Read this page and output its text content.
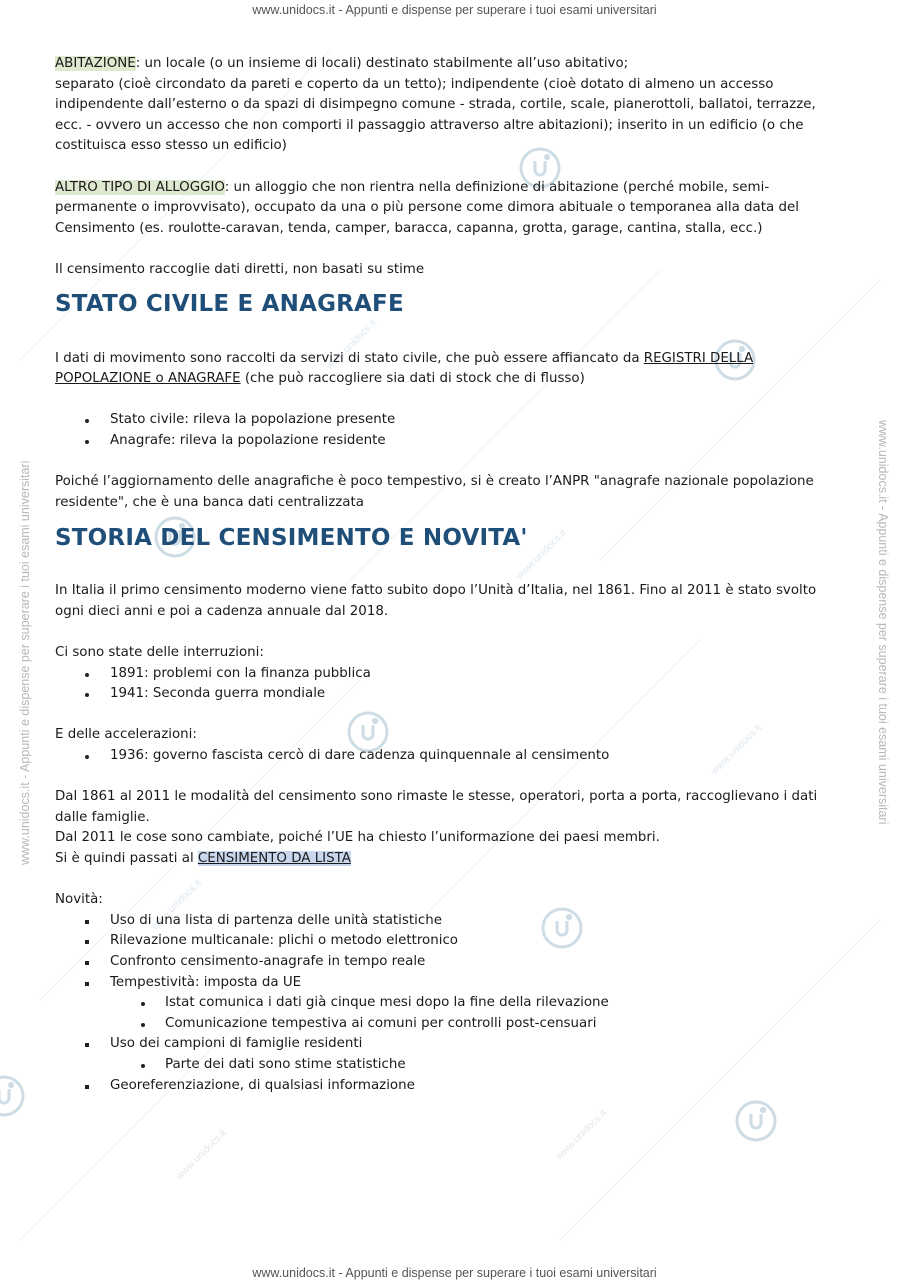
www.unidocs.it - Appunti e dispense per superare i tuoi esami universitari
www.unidocs.it - Appunti e dispense per superare i tuoi esami universitari	www.unidocs.it - Appunti e dispense per superare i tuoi esami universitari
www.unidocs.it
www.unidocs.it
www.unidocs.it
www.unidocs.it
www.unidocs.it	www.unidocs.it

ABITAZIONE: un locale (o un insieme di locali) destinato stabilmente all’uso abitativo;

separato (cioè circondato da pareti e coperto da un tetto); indipendente (cioè dotato di almeno un accesso

indipendente dall’esterno o da spazi di disimpegno comune - strada, cortile, scale, pianerottoli, ballatoi, terrazze,

ecc. - ovvero un accesso che non comporti il passaggio attraverso altre abitazioni); inserito in un edificio (o che

costituisca esso stesso un edificio)

ALTRO TIPO DI ALLOGGIO: un alloggio che non rientra nella definizione di abitazione (perché mobile, semi-

permanente o improvvisato), occupato da una o più persone come dimora abituale o temporanea alla data del

Censimento (es. roulotte-caravan, tenda, camper, baracca, capanna, grotta, garage, cantina, stalla, ecc.)

Il censimento raccoglie dati diretti, non basati su stime

STATO CIVILE E ANAGRAFE

I dati di movimento sono raccolti da servizi di stato civile, che può essere affiancato da REGISTRI DELLA

POPOLAZIONE o ANAGRAFE (che può raccogliere sia dati di stock che di flusso)

Stato civile: rileva la popolazione presente
Anagrafe: rileva la popolazione residente

Poiché l’aggiornamento delle anagrafiche è poco tempestivo, si è creato l’ANPR "anagrafe nazionale popolazione

residente", che è una banca dati centralizzata

STORIA DEL CENSIMENTO E NOVITA'

In Italia il primo censimento moderno viene fatto subito dopo l’Unità d’Italia, nel 1861. Fino al 2011 è stato svolto

ogni dieci anni e poi a cadenza annuale dal 2018.

Ci sono state delle interruzioni:

1891: problemi con la finanza pubblica
1941: Seconda guerra mondiale

E delle accelerazioni:

1936: governo fascista cercò di dare cadenza quinquennale al censimento

Dal 1861 al 2011 le modalità del censimento sono rimaste le stesse, operatori, porta a porta, raccoglievano i dati

dalle famiglie.

Dal 2011 le cose sono cambiate, poiché l’UE ha chiesto l’uniformazione dei paesi membri.

Si è quindi passati al CENSIMENTO DA LISTA

Novità:

Uso di una lista di partenza delle unità statistiche
Rilevazione multicanale: plichi o metodo elettronico
Confronto censimento-anagrafe in tempo reale
Tempestività: imposta da UE
Istat comunica i dati già cinque mesi dopo la fine della rilevazione
Comunicazione tempestiva ai comuni per controlli post-censuari
Uso dei campioni di famiglie residenti
Parte dei dati sono stime statistiche
Georeferenziazione, di qualsiasi informazione
www.unidocs.it - Appunti e dispense per superare i tuoi esami universitari
